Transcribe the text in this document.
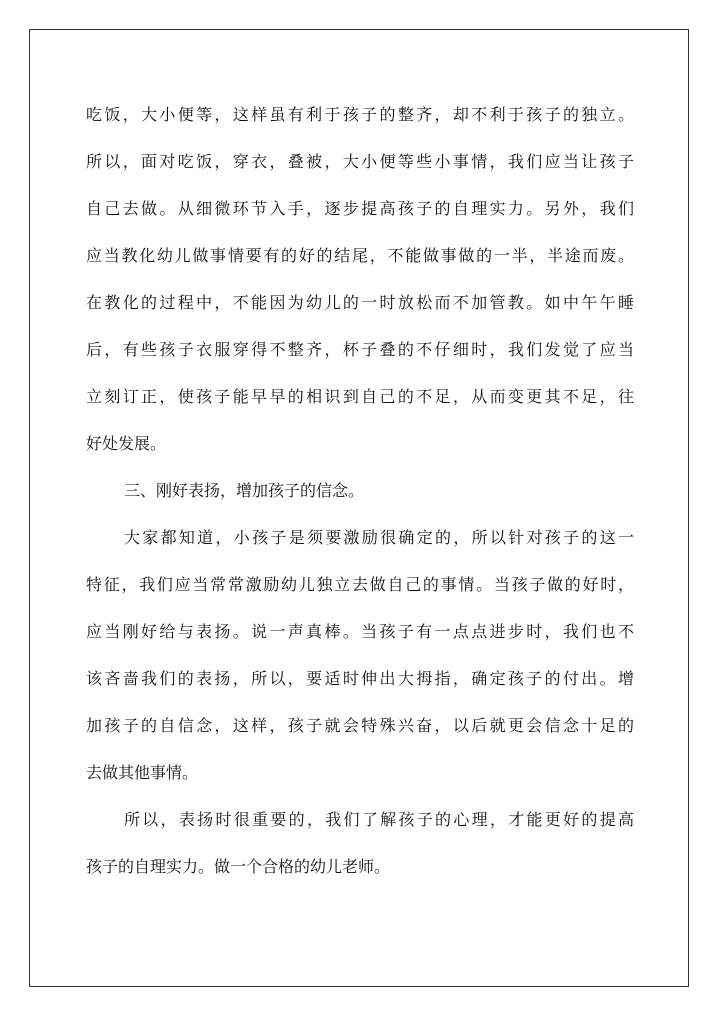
吃饭，大小便等，这样虽有利于孩子的整齐，却不利于孩子的独立。
所以，面对吃饭，穿衣，叠被，大小便等些小事情，我们应当让孩子
自己去做。从细微环节入手，逐步提高孩子的自理实力。另外，我们
应当教化幼儿做事情要有的好的结尾，不能做事做的一半，半途而废。
在教化的过程中，不能因为幼儿的一时放松而不加管教。如中午午睡
后，有些孩子衣服穿得不整齐，杯子叠的不仔细时，我们发觉了应当
立刻订正，使孩子能早早的相识到自己的不足，从而变更其不足，往
好处发展。
三、刚好表扬，增加孩子的信念。
大家都知道，小孩子是须要激励很确定的，所以针对孩子的这一
特征，我们应当常常激励幼儿独立去做自己的事情。当孩子做的好时，
应当刚好给与表扬。说一声真棒。当孩子有一点点进步时，我们也不
该吝啬我们的表扬，所以，要适时伸出大拇指，确定孩子的付出。增
加孩子的自信念，这样，孩子就会特殊兴奋，以后就更会信念十足的
去做其他事情。
所以，表扬时很重要的，我们了解孩子的心理，才能更好的提高
孩子的自理实力。做一个合格的幼儿老师。
